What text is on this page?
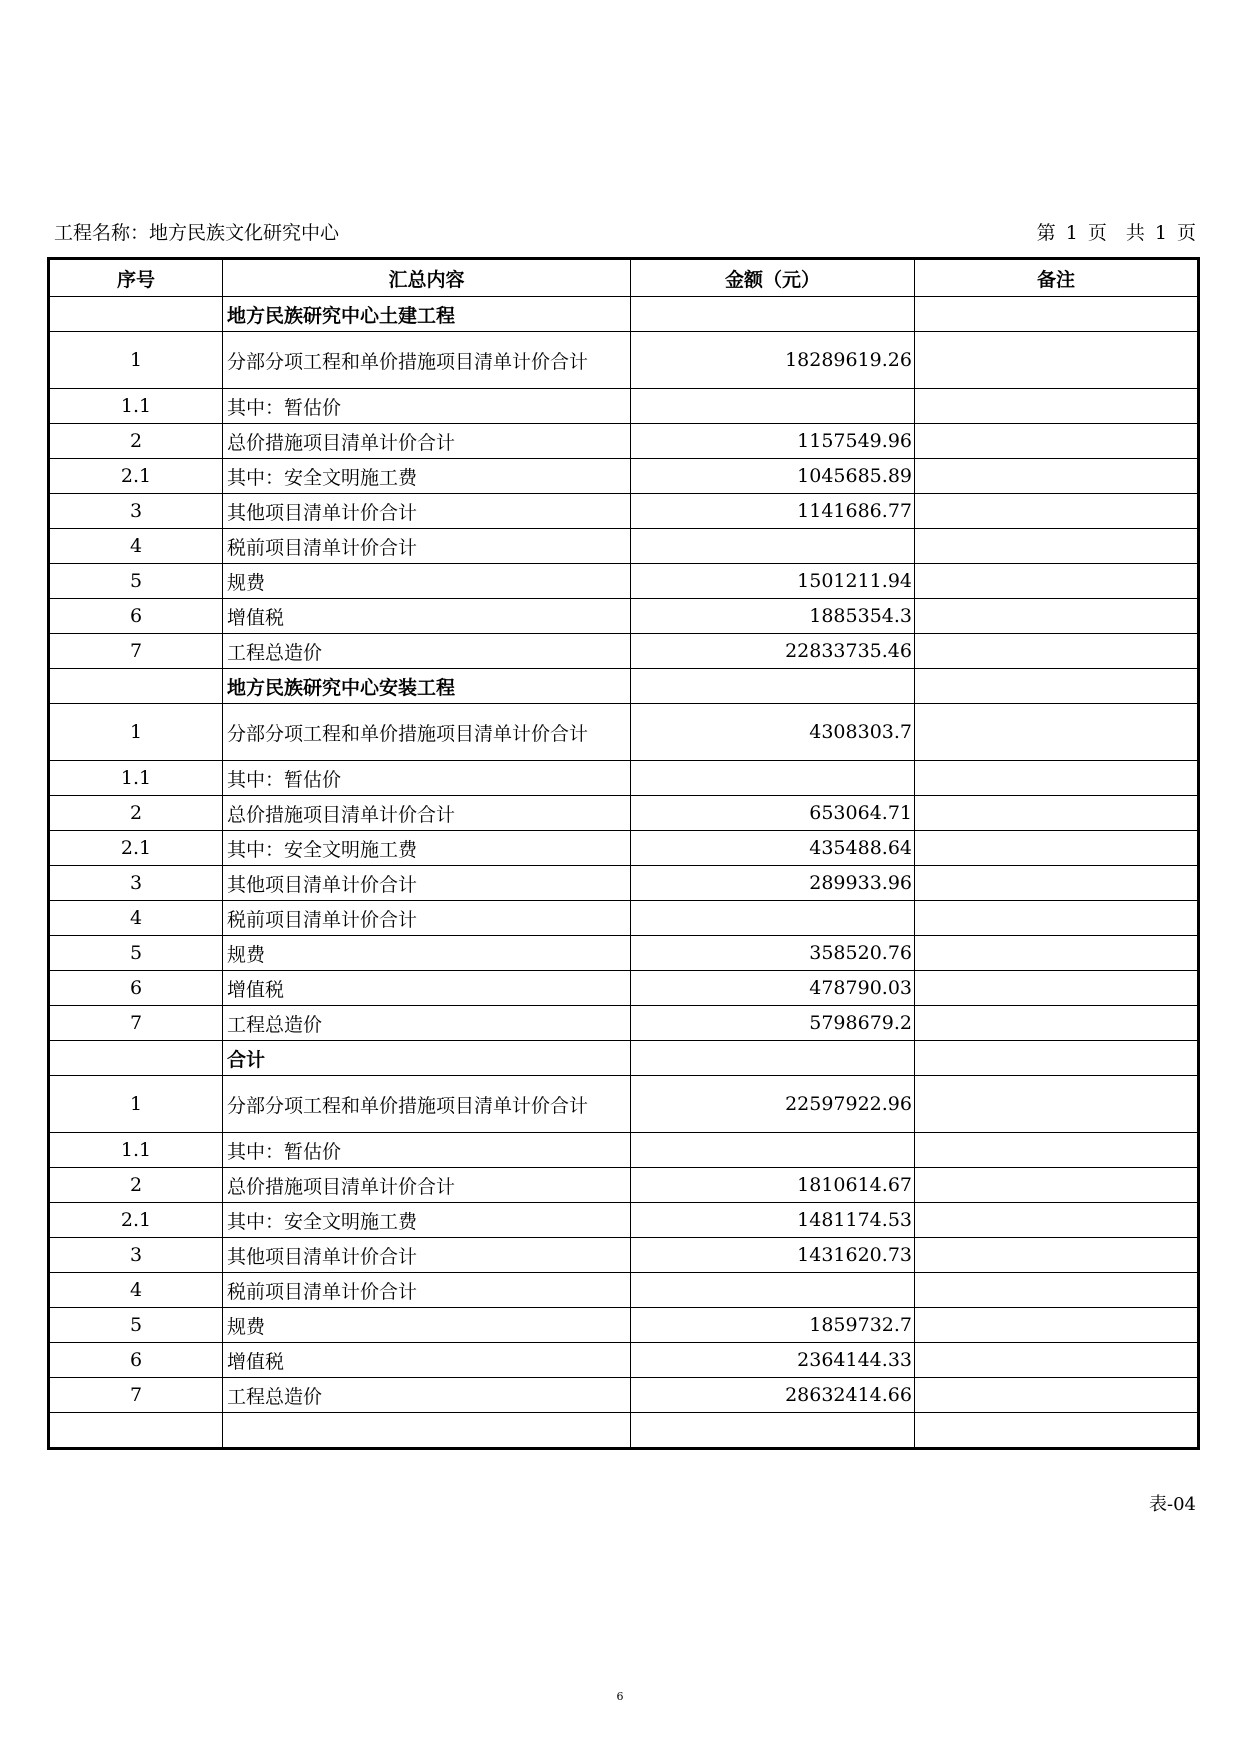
工程名称：地方民族文化研究中心	第 1 页　共 1 页
序号	汇总内容	金额（元）	备注
	地方民族研究中心土建工程		
1	分部分项工程和单价措施项目清单计价合计	18289619.26	
1.1	其中：暂估价		
2	总价措施项目清单计价合计	1157549.96	
2.1	其中：安全文明施工费	1045685.89	
3	其他项目清单计价合计	1141686.77	
4	税前项目清单计价合计		
5	规费	1501211.94	
6	增值税	1885354.3	
7	工程总造价	22833735.46	
	地方民族研究中心安装工程		
1	分部分项工程和单价措施项目清单计价合计	4308303.7	
1.1	其中：暂估价		
2	总价措施项目清单计价合计	653064.71	
2.1	其中：安全文明施工费	435488.64	
3	其他项目清单计价合计	289933.96	
4	税前项目清单计价合计		
5	规费	358520.76	
6	增值税	478790.03	
7	工程总造价	5798679.2	
	合计		
1	分部分项工程和单价措施项目清单计价合计	22597922.96	
1.1	其中：暂估价		
2	总价措施项目清单计价合计	1810614.67	
2.1	其中：安全文明施工费	1481174.53	
3	其他项目清单计价合计	1431620.73	
4	税前项目清单计价合计		
5	规费	1859732.7	
6	增值税	2364144.33	
7	工程总造价	28632414.66	

表-04
6
